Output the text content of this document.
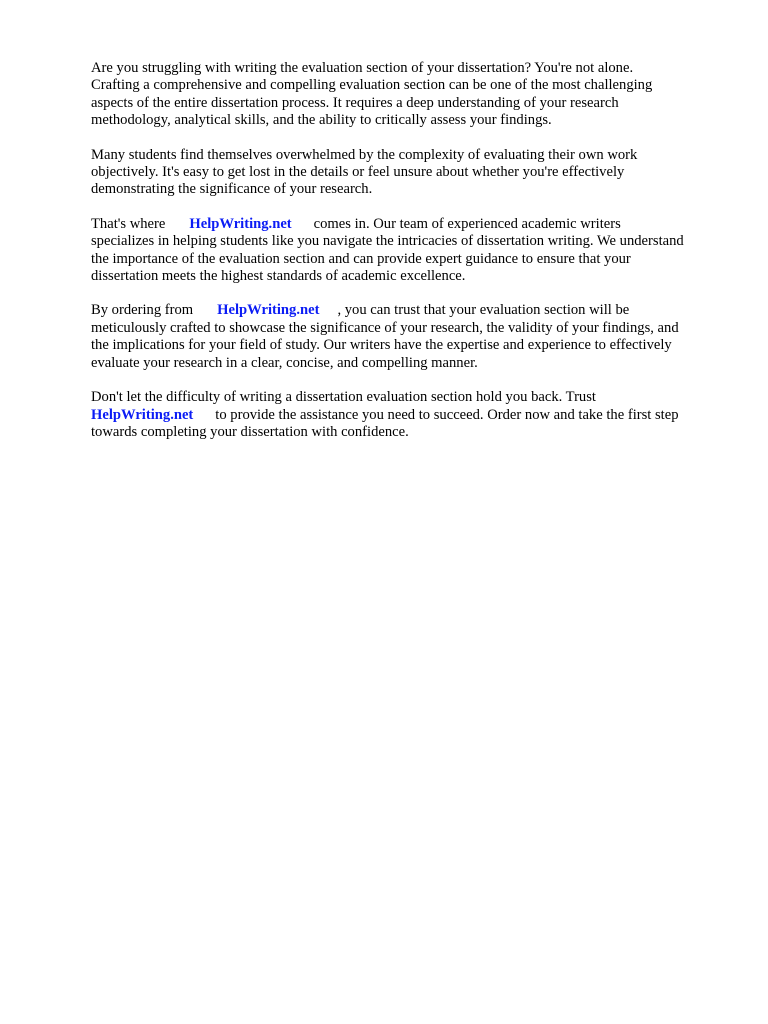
Are you struggling with writing the evaluation section of your dissertation? You're not alone.
Crafting a comprehensive and compelling evaluation section can be one of the most challenging
aspects of the entire dissertation process. It requires a deep understanding of your research
methodology, analytical skills, and the ability to critically assess your findings.

Many students find themselves overwhelmed by the complexity of evaluating their own work
objectively. It's easy to get lost in the details or feel unsure about whether you're effectively
demonstrating the significance of your research.

That's where HelpWriting.net comes in. Our team of experienced academic writers
specializes in helping students like you navigate the intricacies of dissertation writing. We understand
the importance of the evaluation section and can provide expert guidance to ensure that your
dissertation meets the highest standards of academic excellence.

By ordering from HelpWriting.net , you can trust that your evaluation section will be
meticulously crafted to showcase the significance of your research, the validity of your findings, and
the implications for your field of study. Our writers have the expertise and experience to effectively
evaluate your research in a clear, concise, and compelling manner.

Don't let the difficulty of writing a dissertation evaluation section hold you back. Trust
HelpWriting.net to provide the assistance you need to succeed. Order now and take the first step
towards completing your dissertation with confidence.
